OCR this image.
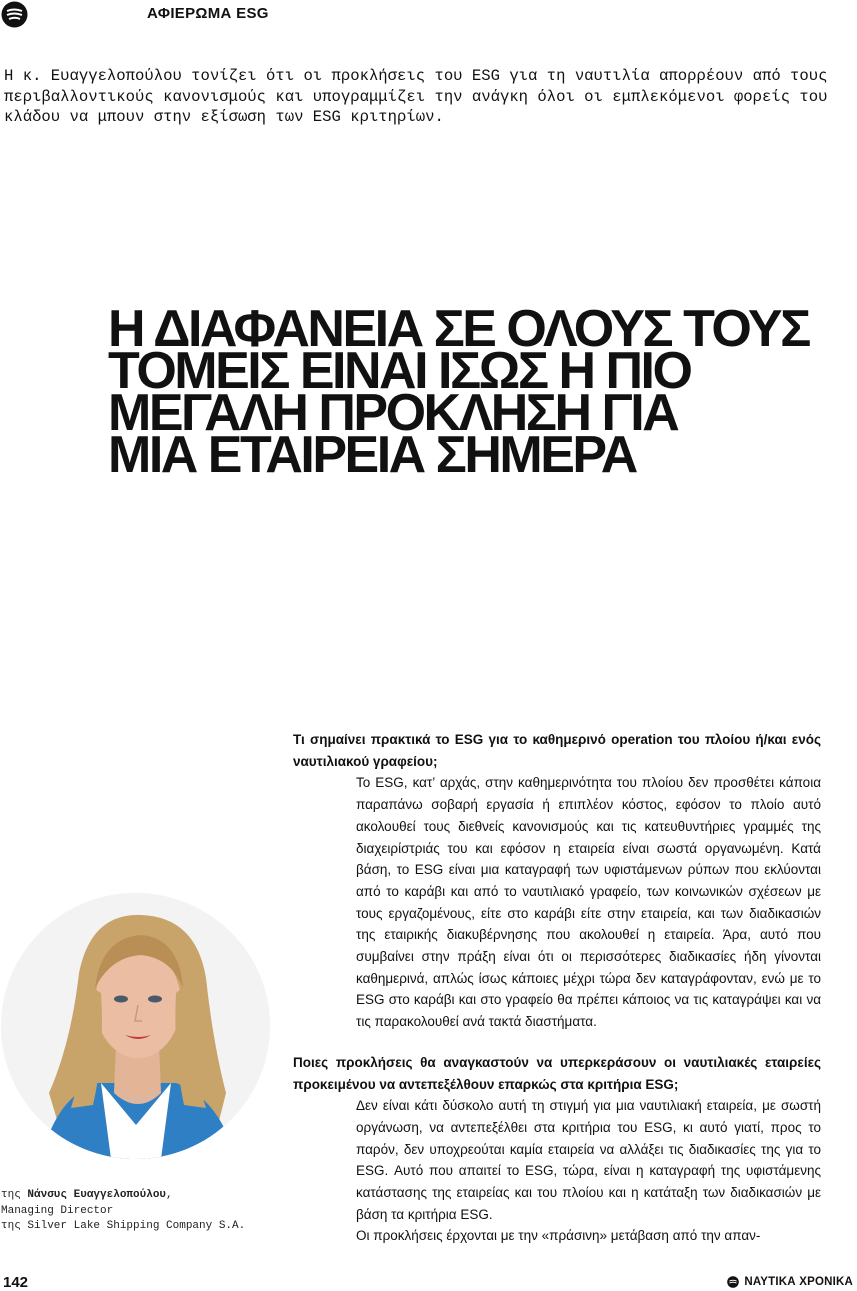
ΑΦΙΕΡΩΜΑ ESG

Η κ. Ευαγγελοπούλου τονίζει ότι οι προκλήσεις του ESG για τη ναυτιλία απορρέουν από τους περιβαλλοντικούς κανονισμούς και υπογραμμίζει την ανάγκη όλοι οι εμπλεκόμενοι φορείς του κλάδου να μπουν στην εξίσωση των ESG κριτηρίων.

Η ΔΙΑΦΑΝΕΙΑ ΣΕ ΟΛΟΥΣ ΤΟΥΣ
ΤΟΜΕΙΣ ΕΙΝΑΙ ΙΣΩΣ Η ΠΙΟ
ΜΕΓΑΛΗ ΠΡΟΚΛΗΣΗ ΓΙΑ
ΜΙΑ ΕΤΑΙΡΕΙΑ ΣΗΜΕΡΑ
της Νάνσυς Ευαγγελοπούλου,
Managing Director
της Silver Lake Shipping Company S.A.

Τι σημαίνει πρακτικά το ESG για το καθημερινό operation του πλοίου ή/και ενός ναυτιλιακού γραφείου;

Το ESG, κατ’ αρχάς, στην καθημερινότητα του πλοίου δεν προσθέτει κάποια παραπάνω σοβαρή εργασία ή επιπλέον κόστος, εφόσον το πλοίο αυτό ακολουθεί τους διεθνείς κανονισμούς και τις κατευθυντήριες γραμμές της διαχειρίστριάς του και εφόσον η εταιρεία είναι σωστά οργανωμένη. Κατά βάση, το ESG είναι μια καταγραφή των υφιστάμενων ρύπων που εκλύονται από το καράβι και από το ναυτιλιακό γραφείο, των κοινωνικών σχέσεων με τους εργαζομένους, είτε στο καράβι είτε στην εταιρεία, και των διαδικασιών της εταιρικής διακυβέρνησης που ακολουθεί η εταιρεία. Άρα, αυτό που συμβαίνει στην πράξη είναι ότι οι περισσότερες διαδικασίες ήδη γίνονται καθημερινά, απλώς ίσως κάποιες μέχρι τώρα δεν καταγράφονταν, ενώ με το ESG στο καράβι και στο γραφείο θα πρέπει κάποιος να τις καταγράψει και να τις παρακολουθεί ανά τακτά διαστήματα.

Ποιες προκλήσεις θα αναγκαστούν να υπερκεράσουν οι ναυτιλιακές εταιρείες προκειμένου να αντεπεξέλθουν επαρκώς στα κριτήρια ESG;

Δεν είναι κάτι δύσκολο αυτή τη στιγμή για μια ναυτιλιακή εταιρεία, με σωστή οργάνωση, να αντεπεξέλθει στα κριτήρια του ESG, κι αυτό γιατί, προς το παρόν, δεν υποχρεούται καμία εταιρεία να αλλάξει τις διαδικασίες της για το ESG. Αυτό που απαιτεί το ESG, τώρα, είναι η καταγραφή της υφιστάμενης κατάστασης της εταιρείας και του πλοίου και η κατάταξη των διαδικασιών με βάση τα κριτήρια ESG.

Οι προκλήσεις έρχονται με την «πράσινη» μετάβαση από την απαν-

142	ΝΑΥΤΙΚΑ ΧΡΟΝΙΚΑ
